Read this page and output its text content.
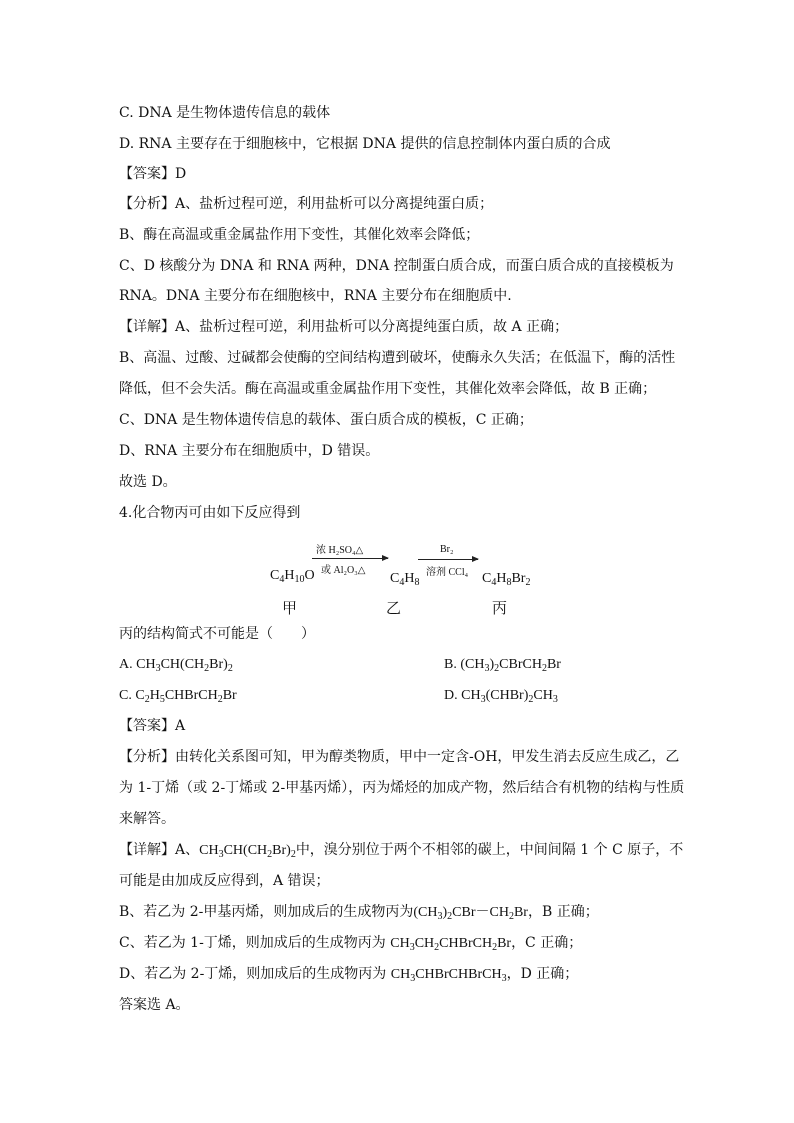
C. DNA 是生物体遗传信息的载体
D. RNA 主要存在于细胞核中，它根据 DNA 提供的信息控制体内蛋白质的合成
【答案】D
【分析】A、盐析过程可逆，利用盐析可以分离提纯蛋白质；
B、酶在高温或重金属盐作用下变性，其催化效率会降低；
C、D 核酸分为 DNA 和 RNA 两种，DNA 控制蛋白质合成，而蛋白质合成的直接模板为
RNA。DNA 主要分布在细胞核中，RNA 主要分布在细胞质中.
【详解】A、盐析过程可逆，利用盐析可以分离提纯蛋白质，故 A 正确；
B、高温、过酸、过碱都会使酶的空间结构遭到破坏，使酶永久失活；在低温下，酶的活性
降低，但不会失活。酶在高温或重金属盐作用下变性，其催化效率会降低，故 B 正确；
C、DNA 是生物体遗传信息的载体、蛋白质合成的模板，C 正确；
D、RNA 主要分布在细胞质中，D 错误。
故选 D。
4.化合物丙可由如下反应得到
$C_4H_{10}O$
浓 H₂SO₄△
或 Al₂O₃△
$C_4H_8$
Br₂
溶剂 CCl₄ $C_4H_8Br_2$
甲	乙	丙
丙的结构简式不可能是（　　）
A. $CH_3CH(CH_2Br)_2$	B. $(CH_3)_2CBrCH_2Br$
C. $C_2H_5CHBrCH_2Br$	D. $CH_3(CHBr)_2CH_3$
【答案】A
【分析】由转化关系图可知，甲为醇类物质，甲中一定含-OH，甲发生消去反应生成乙，乙
为 1-丁烯（或 2-丁烯或 2-甲基丙烯），丙为烯烃的加成产物，然后结合有机物的结构与性质
来解答。
【详解】A、$CH_3CH(CH_2Br)_2$中，溴分别位于两个不相邻的碳上，中间间隔 1 个 C 原子，不
可能是由加成反应得到，A 错误；
B、若乙为 2-甲基丙烯，则加成后的生成物丙为$(CH_3)_2CBr-CH_2Br$，B 正确；
C、若乙为 1-丁烯，则加成后的生成物丙为 $CH_3CH_2CHBrCH_2Br$，C 正确；
D、若乙为 2-丁烯，则加成后的生成物丙为 $CH_3CHBrCHBrCH_3$，D 正确；
答案选 A。
